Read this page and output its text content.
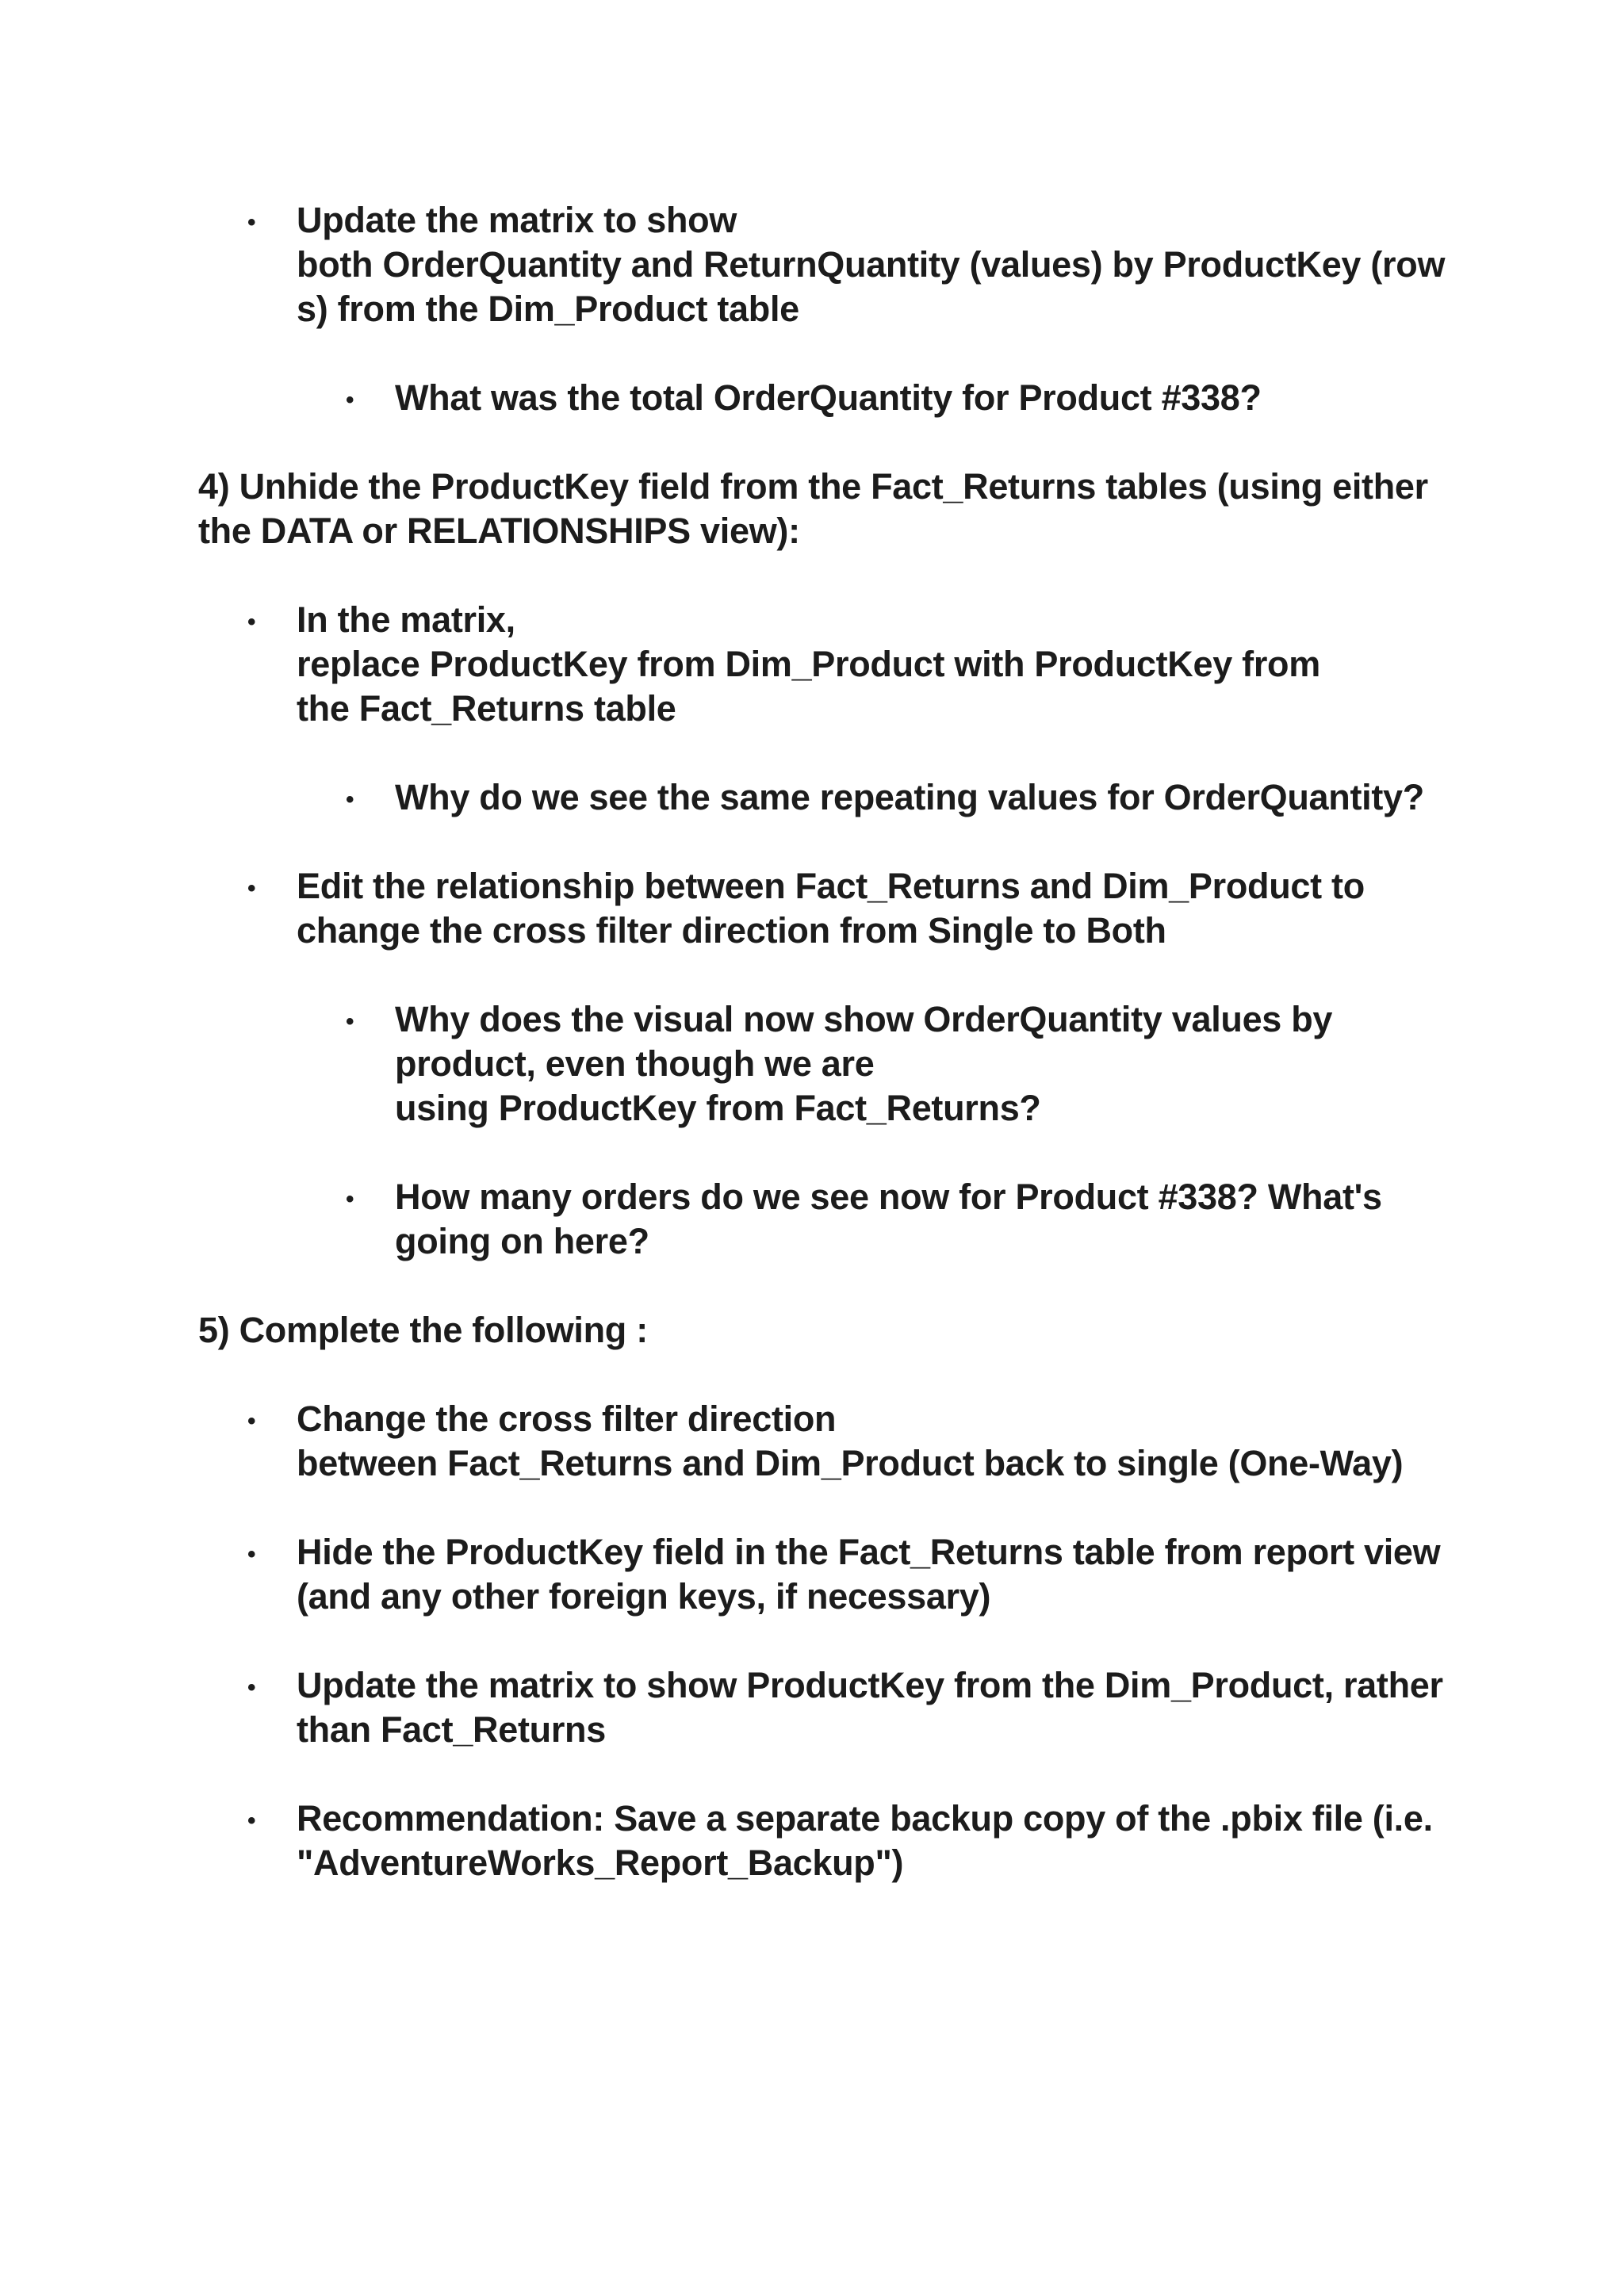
• Update the matrix to show
both OrderQuantity and ReturnQuantity (values) by ProductKey (row
s) from the Dim_Product table
• What was the total OrderQuantity for Product #338?
4) Unhide the ProductKey field from the Fact_Returns tables (using either
the DATA or RELATIONSHIPS view):
• In the matrix,
replace ProductKey from Dim_Product with ProductKey from
the Fact_Returns table
• Why do we see the same repeating values for OrderQuantity?
• Edit the relationship between Fact_Returns and Dim_Product to
change the cross filter direction from Single to Both
• Why does the visual now show OrderQuantity values by
product, even though we are
using ProductKey from Fact_Returns?
• How many orders do we see now for Product #338? What's
going on here?
5) Complete the following :
• Change the cross filter direction
between Fact_Returns and Dim_Product back to single (One-Way)
• Hide the ProductKey field in the Fact_Returns table from report view
(and any other foreign keys, if necessary)
• Update the matrix to show ProductKey from the Dim_Product, rather
than Fact_Returns
• Recommendation: Save a separate backup copy of the .pbix file (i.e.
"AdventureWorks_Report_Backup")
